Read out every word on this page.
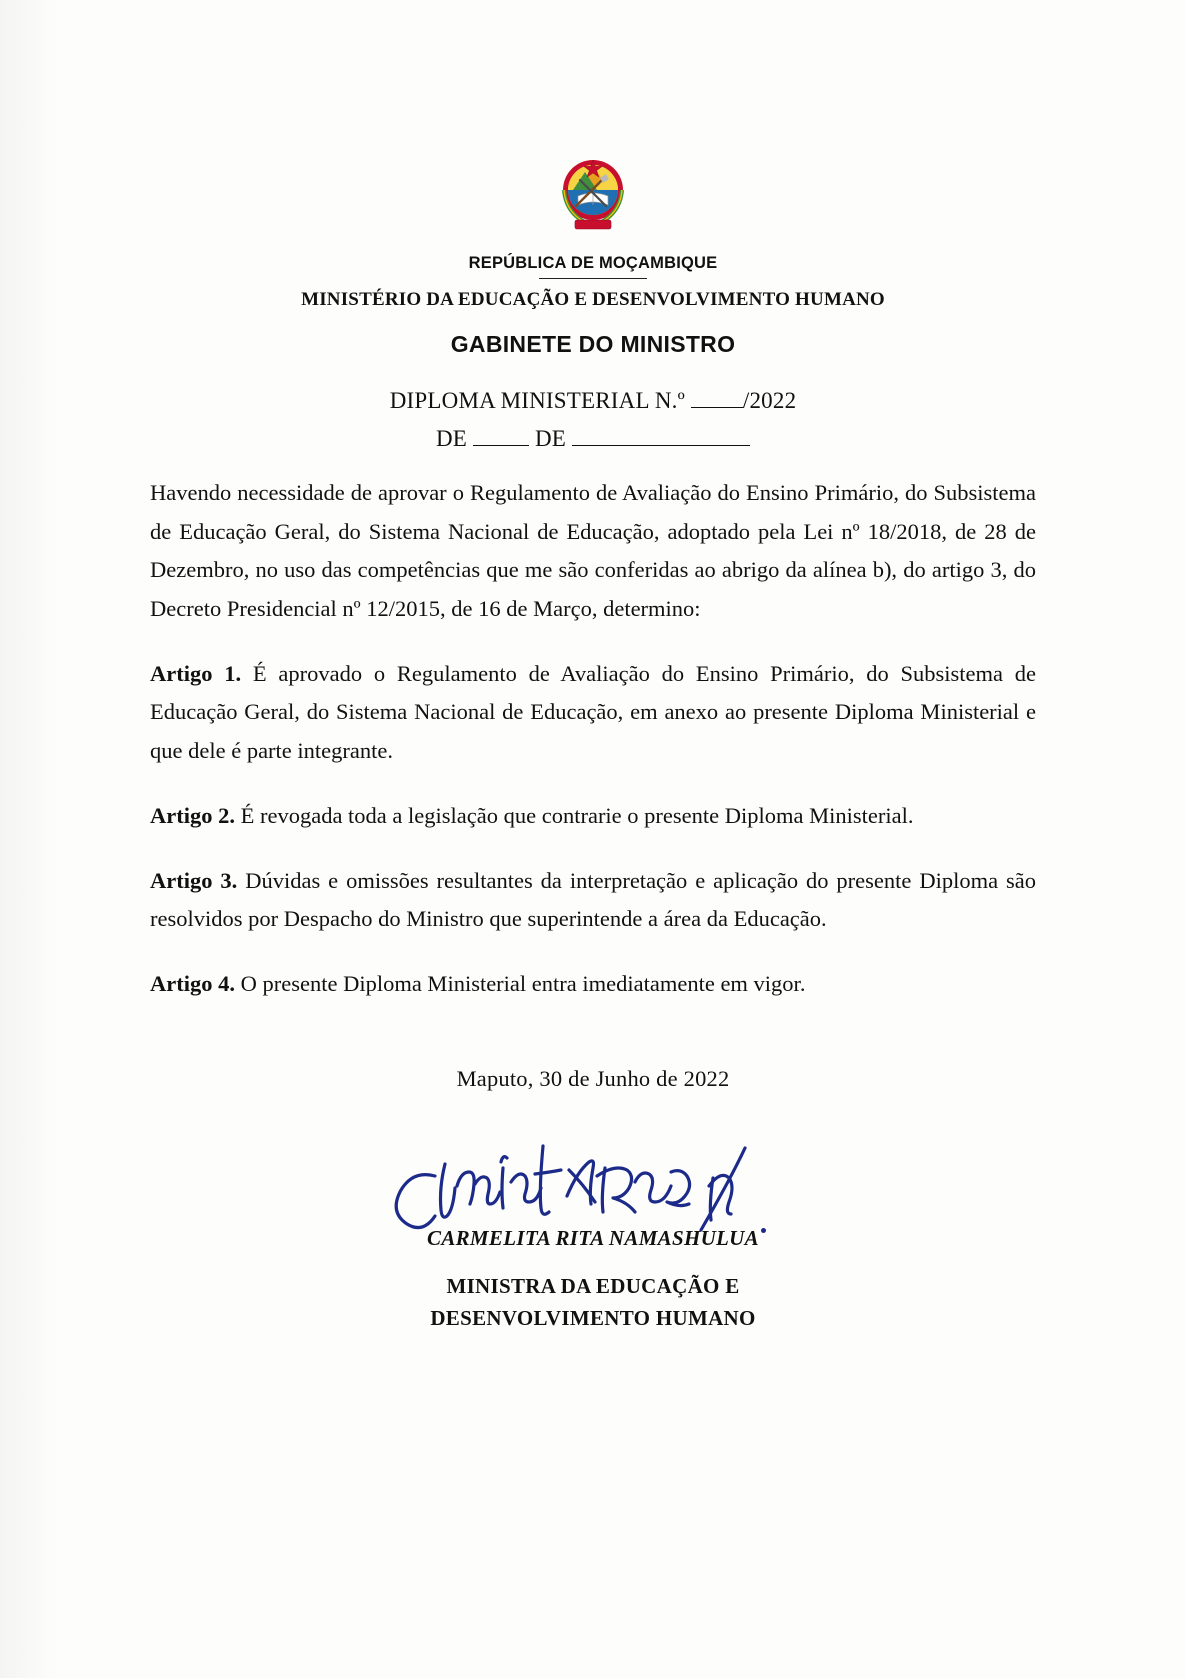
REPÚBLICA DE MOÇAMBIQUE
MINISTÉRIO DA EDUCAÇÃO E DESENVOLVIMENTO HUMANO
GABINETE DO MINISTRO
DIPLOMA MINISTERIAL N.º	/2022
DE	DE

Havendo necessidade de aprovar o Regulamento de Avaliação do Ensino Primário, do Subsistema de Educação Geral, do Sistema Nacional de Educação, adoptado pela Lei nº 18/2018, de 28 de Dezembro, no uso das competências que me são conferidas ao abrigo da alínea b), do artigo 3, do Decreto Presidencial nº 12/2015, de 16 de Março, determino:

Artigo 1. É aprovado o Regulamento de Avaliação do Ensino Primário, do Subsistema de Educação Geral, do Sistema Nacional de Educação, em anexo ao presente Diploma Ministerial e que dele é parte integrante.

Artigo 2. É revogada toda a legislação que contrarie o presente Diploma Ministerial.

Artigo 3. Dúvidas e omissões resultantes da interpretação e aplicação do presente Diploma são resolvidos por Despacho do Ministro que superintende a área da Educação.

Artigo 4. O presente Diploma Ministerial entra imediatamente em vigor.

Maputo, 30 de Junho de 2022
CARMELITA RITA NAMASHULUA
MINISTRA DA EDUCAÇÃO E
DESENVOLVIMENTO HUMANO
